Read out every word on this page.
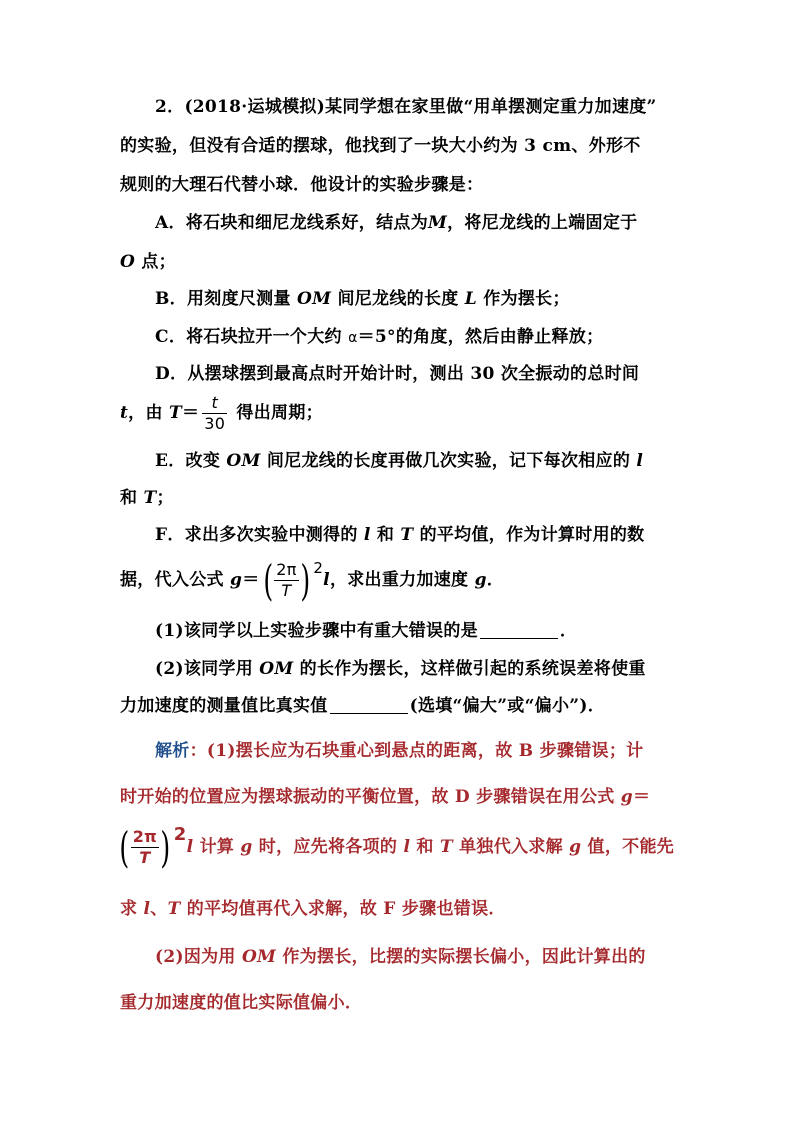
2．(2018·运城模拟)某同学想在家里做“用单摆测定重力加速度”
的实验，但没有合适的摆球，他找到了一块大小约为 3 cm、外形不
规则的大理石代替小球．他设计的实验步骤是：
A．将石块和细尼龙线系好，结点为M，将尼龙线的上端固定于
O 点；
B．用刻度尺测量 OM 间尼龙线的长度 L 作为摆长；
C．将石块拉开一个大约 α＝5°的角度，然后由静止释放；
D．从摆球摆到最高点时开始计时，测出 30 次全振动的总时间
t，由 $T= \frac{t}{30}$ 得出周期；
E．改变 OM 间尼龙线的长度再做几次实验，记下每次相应的 l
和 T；
F．求出多次实验中测得的 l 和 T 的平均值，作为计算时用的数
据，代入公式 $g=( \frac{2\pi}{T}$ ) 2l，求出重力加速度 g．
(1)该同学以上实验步骤中有重大错误的是	．
(2)该同学用 OM 的长作为摆长，这样做引起的系统误差将使重
力加速度的测量值比真实值	(选填“偏大”或“偏小”)．
解析：(1)摆长应为石块重心到悬点的距离，故 B 步骤错误；计
时开始的位置应为摆球振动的平衡位置，故 D 步骤错误在用公式 g＝
( $\frac{2\pi}{T}$ ) 2l 计算 g 时，应先将各项的 l 和 T 单独代入求解 g 值，不能先
求 l、T 的平均值再代入求解，故 F 步骤也错误．
(2)因为用 OM 作为摆长，比摆的实际摆长偏小，因此计算出的
重力加速度的值比实际值偏小．
